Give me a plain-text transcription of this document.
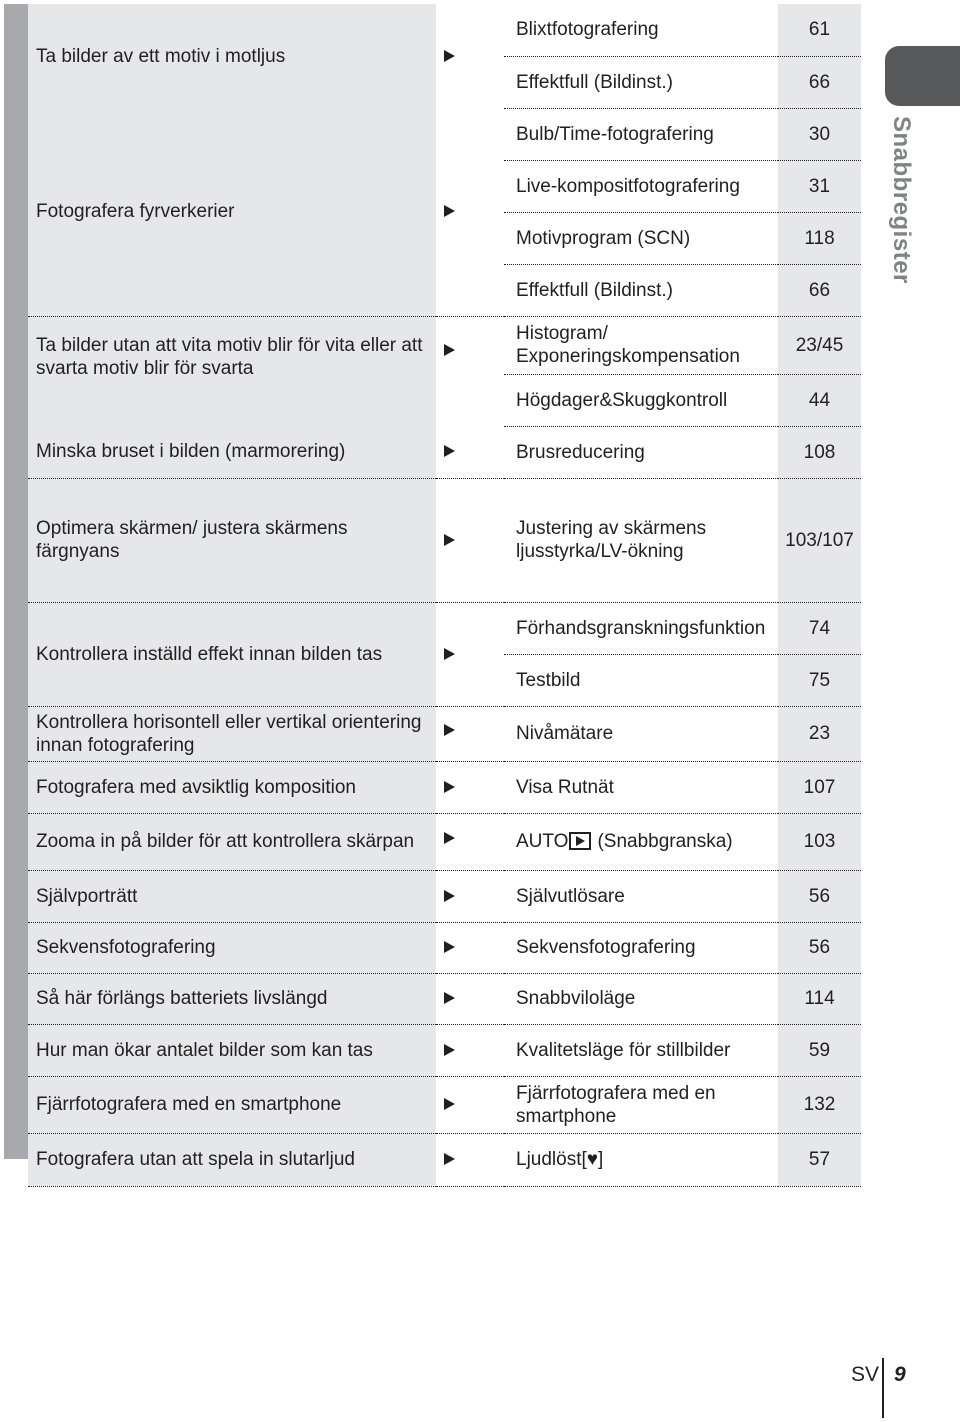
Ta bilder av ett motiv i motljus		Blixtfotografering	61
		Effektfull (Bildinst.)	66
Fotografera fyrverkerier		Bulb/Time-fotografering	30
		Live-kompositfotografering	31
		Motivprogram (SCN)	118
		Effektfull (Bildinst.)	66
Ta bilder utan att vita motiv blir för vita eller att svarta motiv blir för svarta		Histogram/ Exponeringskompensation	23/45
		Högdager&Skuggkontroll	44
Minska bruset i bilden (marmorering)		Brusreducering	108
Optimera skärmen/ justera skärmens färgnyans		Justering av skärmens ljusstyrka/LV-ökning	103/107
Kontrollera inställd effekt innan bilden tas		Förhandsgranskningsfunktion	74
		Testbild	75
Kontrollera horisontell eller vertikal orientering innan fotografering		Nivåmätare	23
Fotografera med avsiktlig komposition		Visa Rutnät	107
Zooma in på bilder för att kontrollera skärpan		AUTO (Snabbgranska)	103
Självporträtt		Självutlösare	56
Sekvensfotografering		Sekvensfotografering	56
Så här förlängs batteriets livslängd		Snabbviloläge	114
Hur man ökar antalet bilder som kan tas		Kvalitetsläge för stillbilder	59
Fjärrfotografera med en smartphone		Fjärrfotografera med en smartphone	132
Fotografera utan att spela in slutarljud		Ljudlöst[♥]	57
Snabbregister
SV 9
